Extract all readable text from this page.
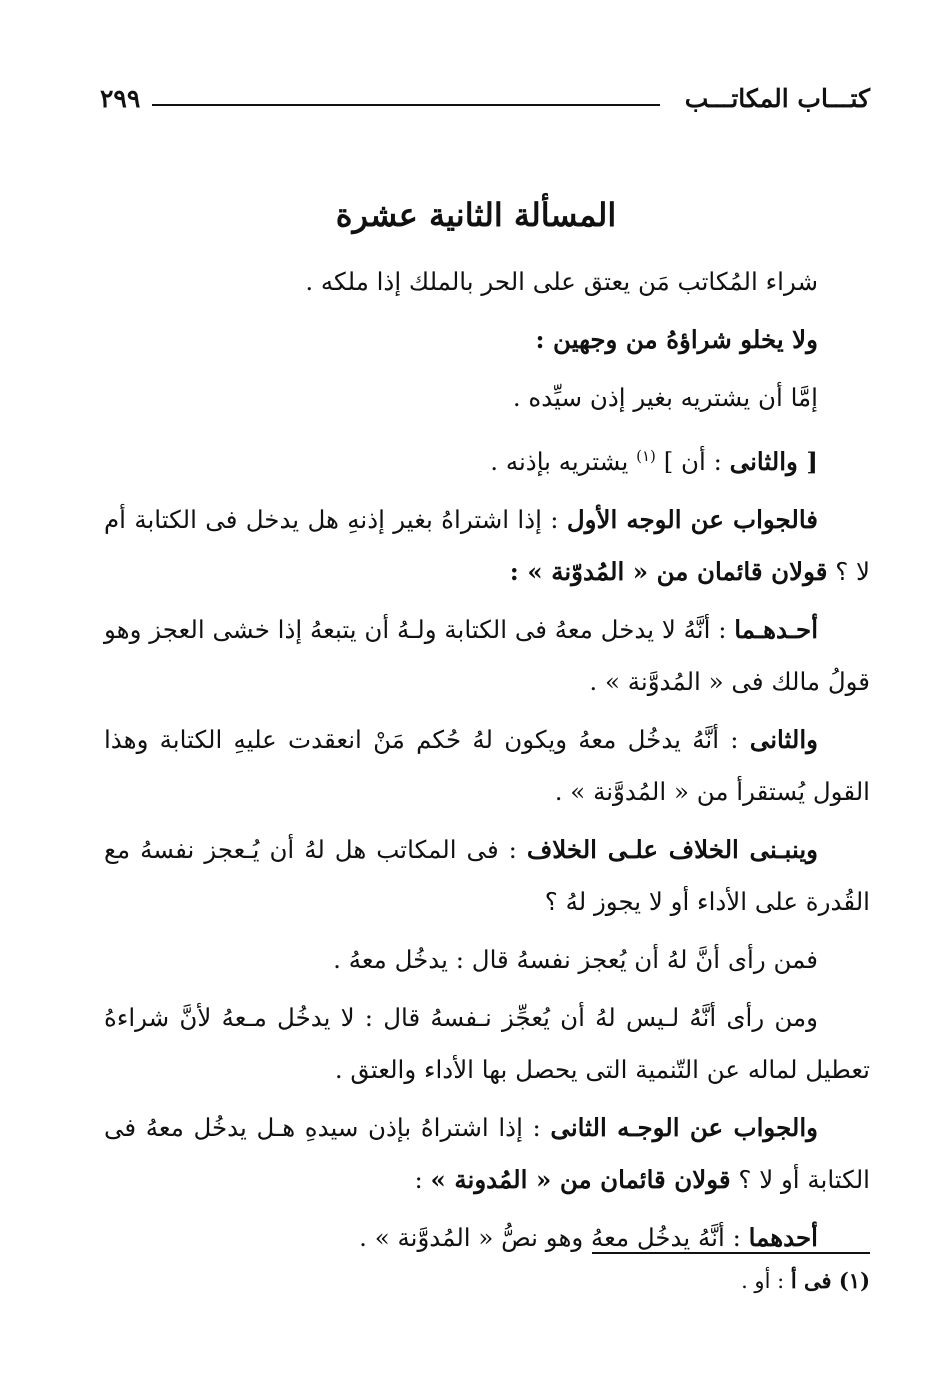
كتـــاب المكاتـــب
٢٩٩
المسألة الثانية عشرة

شراء المُكاتب مَن يعتق على الحر بالملك إذا ملكه .

ولا يخلو شراؤهُ من وجهين :

إمَّا أن يشتريه بغير إذن سيِّده .

[ والثانى : أن ] $^{(١)}$ يشتريه بإذنه .

فالجواب عن الوجه الأول : إذا اشتراهُ بغير إذنهِ هل يدخل فى الكتابة أم لا ؟ قولان قائمان من « المُدوّنة » :

أحـدهـما : أنَّهُ لا يدخل معهُ فى الكتابة ولـهُ أن يتبعهُ إذا خشى العجز وهو قولُ مالك فى « المُدوَّنة » .

والثانى : أنَّهُ يدخُل معهُ ويكون لهُ حُكم مَنْ انعقدت عليهِ الكتابة وهذا القول يُستقرأ من « المُدوَّنة » .

وينبـنى الخلاف علـى الخلاف : فى المكاتب هل لهُ أن يُـعجز نفسهُ مع القُدرة على الأداء أو لا يجوز لهُ ؟

فمن رأى أنَّ لهُ أن يُعجز نفسهُ قال : يدخُل معهُ .

ومن رأى أنَّهُ لـيس لهُ أن يُعجِّز نـفسهُ قال : لا يدخُل مـعهُ لأنَّ شراءهُ تعطيل لماله عن التّنمية التى يحصل بها الأداء والعتق .

والجواب عن الوجـه الثانى : إذا اشتراهُ بإذن سيدهِ هـل يدخُل معهُ فى الكتابة أو لا ؟ قولان قائمان من « المُدونة » :

أحدهما : أنَّهُ يدخُل معهُ وهو نصُّ « المُدوَّنة » .

(١) فى أ : أو .
